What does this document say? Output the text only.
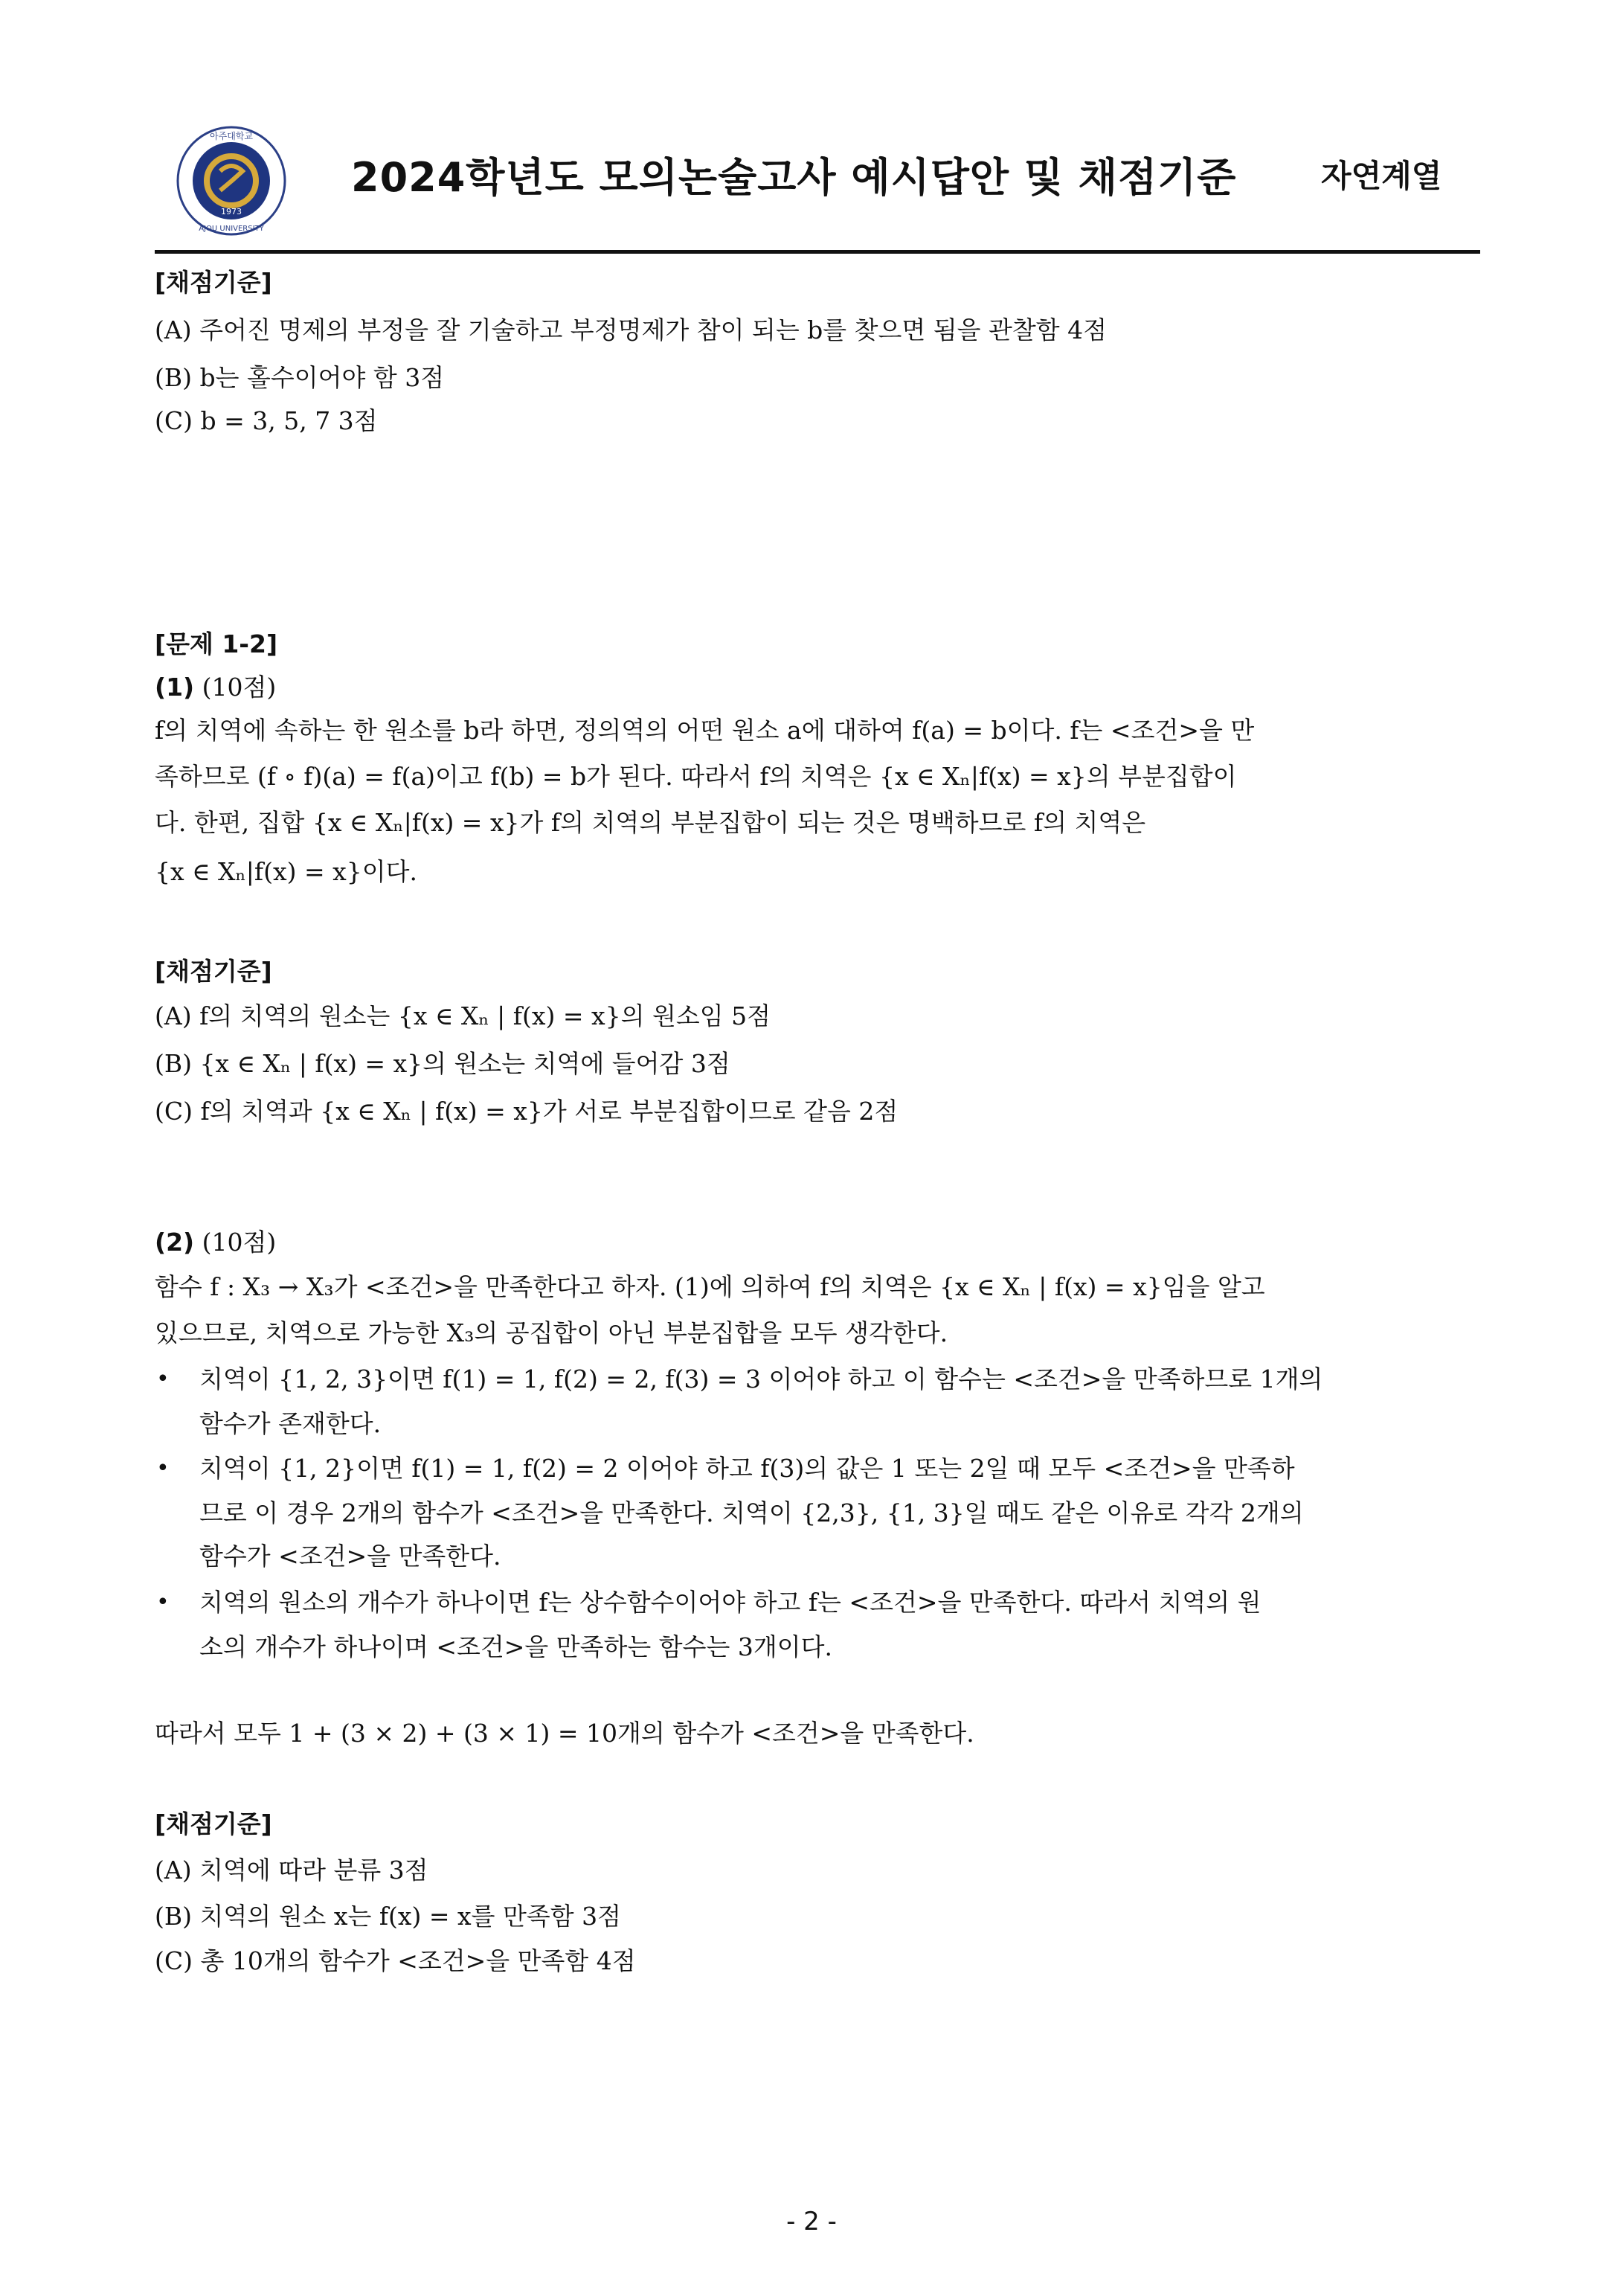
1973
아주대학교
AJOU UNIVERSITY
2024학년도 모의논술고사 예시답안 및 채점기준	자연계열
[채점기준]
(A) 주어진 명제의 부정을 잘 기술하고 부정명제가 참이 되는 b를 찾으면 됨을 관찰함 4점
(B) b는 홀수이어야 함 3점
(C) b = 3, 5, 7 3점
[문제 1-2]
(1) (10점)
f의 치역에 속하는 한 원소를 b라 하면, 정의역의 어떤 원소 a에 대하여 f(a) = b이다. f는 <조건>을 만
족하므로 (f ∘ f)(a) = f(a)이고 f(b) = b가 된다. 따라서 f의 치역은 {x ∈ Xₙ|f(x) = x}의 부분집합이
다. 한편, 집합 {x ∈ Xₙ|f(x) = x}가 f의 치역의 부분집합이 되는 것은 명백하므로 f의 치역은
{x ∈ Xₙ|f(x) = x}이다.
[채점기준]
(A) f의 치역의 원소는 {x ∈ Xₙ | f(x) = x}의 원소임 5점
(B) {x ∈ Xₙ | f(x) = x}의 원소는 치역에 들어감 3점
(C) f의 치역과 {x ∈ Xₙ | f(x) = x}가 서로 부분집합이므로 같음 2점
(2) (10점)
함수 f : X₃ → X₃가 <조건>을 만족한다고 하자. (1)에 의하여 f의 치역은 {x ∈ Xₙ | f(x) = x}임을 알고
있으므로, 치역으로 가능한 X₃의 공집합이 아닌 부분집합을 모두 생각한다.
• 치역이 {1, 2, 3}이면 f(1) = 1, f(2) = 2, f(3) = 3 이어야 하고 이 함수는 <조건>을 만족하므로 1개의
함수가 존재한다.
• 치역이 {1, 2}이면 f(1) = 1, f(2) = 2 이어야 하고 f(3)의 값은 1 또는 2일 때 모두 <조건>을 만족하
므로 이 경우 2개의 함수가 <조건>을 만족한다. 치역이 {2,3}, {1, 3}일 때도 같은 이유로 각각 2개의
함수가 <조건>을 만족한다.
• 치역의 원소의 개수가 하나이면 f는 상수함수이어야 하고 f는 <조건>을 만족한다. 따라서 치역의 원
소의 개수가 하나이며 <조건>을 만족하는 함수는 3개이다.
따라서 모두 1 + (3 × 2) + (3 × 1) = 10개의 함수가 <조건>을 만족한다.
[채점기준]
(A) 치역에 따라 분류 3점
(B) 치역의 원소 x는 f(x) = x를 만족함 3점
(C) 총 10개의 함수가 <조건>을 만족함 4점
- 2 -
